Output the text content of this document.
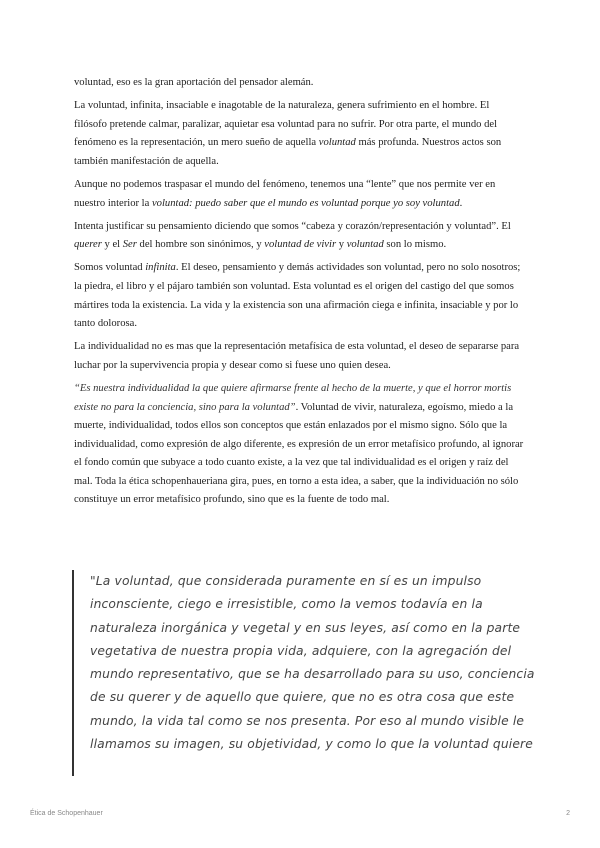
voluntad, eso es la gran aportación del pensador alemán.

La voluntad, infinita, insaciable e inagotable de la naturaleza, genera sufrimiento en el hombre. El filósofo pretende calmar, paralizar, aquietar esa voluntad para no sufrir. Por otra parte, el mundo del fenómeno es la representación, un mero sueño de aquella voluntad más profunda. Nuestros actos son también manifestación de aquella.

Aunque no podemos traspasar el mundo del fenómeno, tenemos una “lente” que nos permite ver en nuestro interior la voluntad: puedo saber que el mundo es voluntad porque yo soy voluntad.

Intenta justificar su pensamiento diciendo que somos “cabeza y corazón/representación y voluntad”. El querer y el Ser del hombre son sinónimos, y voluntad de vivir y voluntad son lo mismo.

Somos voluntad infinita. El deseo, pensamiento y demás actividades son voluntad, pero no solo nosotros; la piedra, el libro y el pájaro también son voluntad. Esta voluntad es el origen del castigo del que somos mártires toda la existencia. La vida y la existencia son una afirmación ciega e infinita, insaciable y por lo tanto dolorosa.

La individualidad no es mas que la representación metafísica de esta voluntad, el deseo de separarse para luchar por la supervivencia propia y desear como si fuese uno quien desea.

“Es nuestra individualidad la que quiere afirmarse frente al hecho de la muerte, y que el horror mortis existe no para la conciencia, sino para la voluntad”. Voluntad de vivir, naturaleza, egoísmo, miedo a la muerte, individualidad, todos ellos son conceptos que están enlazados por el mismo signo. Sólo que la individualidad, como expresión de algo diferente, es expresión de un error metafísico profundo, al ignorar el fondo común que subyace a todo cuanto existe, a la vez que tal individualidad es el origen y raíz del mal. Toda la ética schopenhaueriana gira, pues, en torno a esta idea, a saber, que la individuación no sólo constituye un error metafísico profundo, sino que es la fuente de todo mal.

"La voluntad, que considerada puramente en sí es un impulso inconsciente, ciego e irresistible, como la vemos todavía en la naturaleza inorgánica y vegetal y en sus leyes, así como en la parte vegetativa de nuestra propia vida, adquiere, con la agregación del mundo representativo, que se ha desarrollado para su uso, conciencia de su querer y de aquello que quiere, que no es otra cosa que este mundo, la vida tal como se nos presenta. Por eso al mundo visible le llamamos su imagen, su objetividad, y como lo que la voluntad quiere

Ética de Schopenhauer	2
